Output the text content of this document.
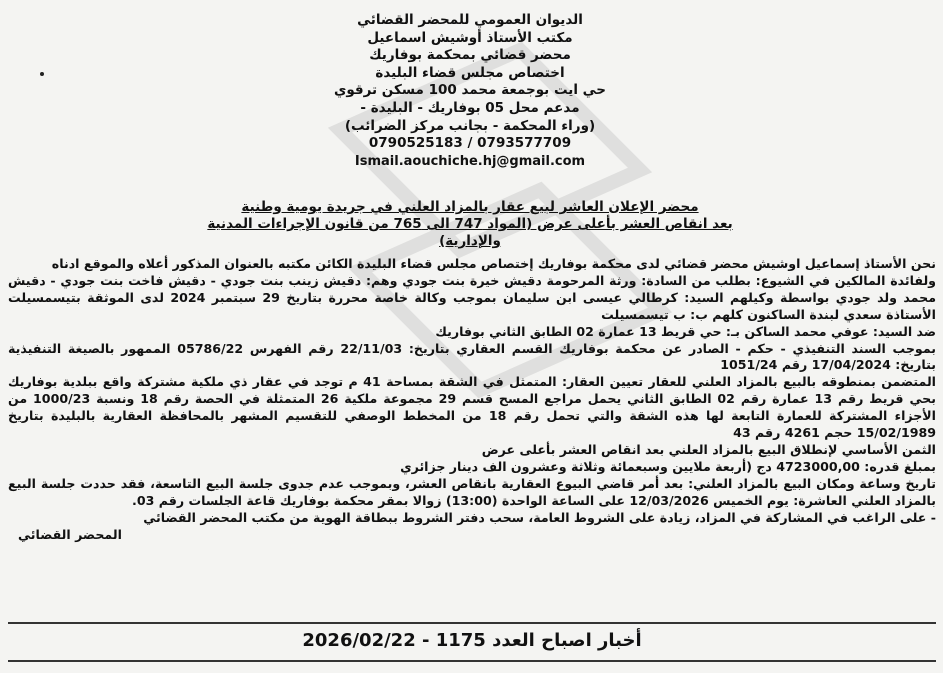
الديوان العمومي للمحضر القضائي
مكتب الأستاذ أوشيش اسماعيل
محضر قضائي بمحكمة بوفاريك
اختصاص مجلس قضاء البليدة
حي ايت بوجمعة محمد 100 مسكن ترقوي
مدعم محل 05 بوفاريك - البليدة -
(وراء المحكمة - بجانب مركز الضرائب)
0790525183 / 0793577709
Ismail.aouchiche.hj@gmail.com
محضر الإعلان العاشر لبيع عقار بالمزاد العلني في جريدة يومية وطنية
بعد انقاص العشر بأعلى عرض (المواد 747 الى 765 من قانون الإجراءات المدنية والإدارية)

نحن الأستاذ إسماعيل اوشيش محضر قضائي لدى محكمة بوفاريك إختصاص مجلس قضاء البليدة الكائن مكتبه بالعنوان المذكور أعلاه والموقع ادناه

ولفائدة المالكين في الشيوع: بطلب من السادة: ورثة المرحومة دقيش خيرة بنت جودي وهم: دقيش زينب بنت جودي - دقيش فاخت بنت جودي - دقيش محمد ولد جودي بواسطة وكيلهم السيد: كرطالي عيسى ابن سليمان بموجب وكالة خاصة محررة بتاريخ 29 سبتمبر 2024 لدى الموثقة بتيسمسيلت الأستاذة سعدي لبندة الساكنون كلهم ب: ب تيسمسيلت

ضد السيد: عوفي محمد الساكن بـ: حي قريط 13 عمارة 02 الطابق الثاني بوفاريك

بموجب السند التنفيذي - حكم - الصادر عن محكمة بوفاريك القسم العقاري بتاريخ: 22/11/03 رقم الفهرس 05786/22 الممهور بالصيغة التنفيذية بتاريخ: 17/04/2024 رقم 1051/24

المتضمن بمنطوقه بالبيع بالمزاد العلني للعقار تعيين العقار: المتمثل في الشقة بمساحة 41 م توجد في عقار ذي ملكية مشتركة واقع ببلدية بوفاريك بحي قريط رقم 13 عمارة رقم 02 الطابق الثاني يحمل مراجع المسح قسم 29 مجموعة ملكية 26 المتمثلة في الحصة رقم 18 ونسبة 1000/23 من الأجزاء المشتركة للعمارة التابعة لها هذه الشقة والتي تحمل رقم 18 من المخطط الوصفي للتقسيم المشهر بالمحافظة العقارية بالبليدة بتاريخ 15/02/1989 حجم 4261 رقم 43

الثمن الأساسي لإنطلاق البيع بالمزاد العلني بعد انقاص العشر بأعلى عرض

بمبلغ قدره: 4723000,00 دج (أربعة ملايين وسبعمائة وثلاثة وعشرون الف دينار جزائري

تاريخ وساعة ومكان البيع بالمزاد العلني: بعد أمر قاضي البيوع العقارية بانقاص العشر، وبموجب عدم جدوى جلسة البيع التاسعة، فقد حددت جلسة البيع بالمزاد العلني العاشرة: يوم الخميس 12/03/2026 على الساعة الواحدة (13:00) زوالا بمقر محكمة بوفاريك قاعة الجلسات رقم 03.

- على الراغب في المشاركة في المزاد، زيادة على الشروط العامة، سحب دفتر الشروط ببطاقة الهوية من مكتب المحضر القضائي

المحضر القضائي

أخبار اصباح العدد 1175 - 2026/02/22
